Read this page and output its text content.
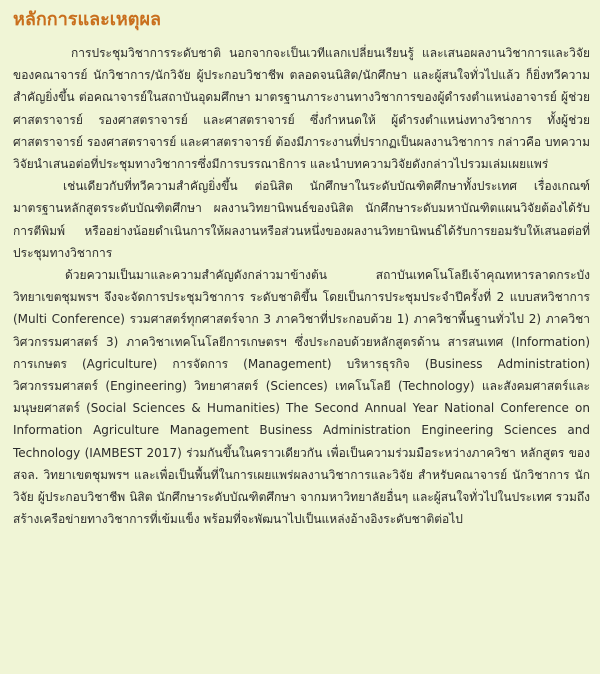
หลักการและเหตุผล

การประชุมวิชาการระดับชาติ นอกจากจะเป็นเวทีแลกเปลี่ยนเรียนรู้ และเสนอผลงานวิชาการและวิจัย ของคณาจารย์ นักวิชาการ/นักวิจัย ผู้ประกอบวิชาชีพ ตลอดจนนิสิต/นักศึกษา และผู้สนใจทั่วไปแล้ว ก็ยิ่งทวีความสำคัญยิ่งขึ้น ต่อคณาจารย์ในสถาบันอุดมศึกษา มาตรฐานภาระงานทางวิชาการของผู้ดำรงตำแหน่งอาจารย์ ผู้ช่วยศาสตราจารย์ รองศาสตราจารย์ และศาสตราจารย์ ซึ่งกำหนดให้ ผู้ดำรงตำแหน่งทางวิชาการ ทั้งผู้ช่วยศาสตราจารย์ รองศาสตราจารย์ และศาสตราจารย์ ต้องมีภาระงานที่ปรากฏเป็นผลงานวิชาการ กล่าวคือ บทความวิจัยนำเสนอต่อที่ประชุมทางวิชาการซึ่งมีการบรรณาธิการ และนำบทความวิจัยดังกล่าวไปรวมเล่มเผยแพร่

เช่นเดียวกับที่ทวีความสำคัญยิ่งขึ้น ต่อนิสิต นักศึกษาในระดับบัณฑิตศึกษาทั้งประเทศ เรื่องเกณฑ์มาตรฐานหลักสูตรระดับบัณฑิตศึกษา ผลงานวิทยานิพนธ์ของนิสิต นักศึกษาระดับมหาบัณฑิตแผนวิจัยต้องได้รับการตีพิมพ์ หรืออย่างน้อยดำเนินการให้ผลงานหรือส่วนหนึ่งของผลงานวิทยานิพนธ์ได้รับการยอมรับให้เสนอต่อที่ประชุมทางวิชาการ

ด้วยความเป็นมาและความสำคัญดังกล่าวมาข้างต้น สถาบันเทคโนโลยีเจ้าคุณทหารลาดกระบัง วิทยาเขตชุมพรฯ จึงจะจัดการประชุมวิชาการ ระดับชาติขึ้น โดยเป็นการประชุมประจำปีครั้งที่ 2 แบบสหวิชาการ (Multi Conference) รวมศาสตร์ทุกศาสตร์จาก 3 ภาควิชาที่ประกอบด้วย 1) ภาควิชาพื้นฐานทั่วไป 2) ภาควิชาวิศวกรรมศาสตร์ 3) ภาควิชาเทคโนโลยีการเกษตรฯ ซึ่งประกอบด้วยหลักสูตรด้าน สารสนเทศ (Information) การเกษตร (Agriculture) การจัดการ (Management) บริหารธุรกิจ (Business Administration) วิศวกรรมศาสตร์ (Engineering) วิทยาศาสตร์ (Sciences) เทคโนโลยี (Technology) และสังคมศาสตร์และมนุษยศาสตร์ (Social Sciences & Humanities) The Second Annual Year National Conference on Information Agriculture Management Business Administration Engineering Sciences and Technology (IAMBEST 2017) ร่วมกันขึ้นในคราวเดียวกัน เพื่อเป็นความร่วมมือระหว่างภาควิชา หลักสูตร ของ สจล. วิทยาเขตชุมพรฯ และเพื่อเป็นพื้นที่ในการเผยแพร่ผลงานวิชาการและวิจัย สำหรับคณาจารย์ นักวิชาการ นักวิจัย ผู้ประกอบวิชาชีพ นิสิต นักศึกษาระดับบัณฑิตศึกษา จากมหาวิทยาลัยอื่นๆ และผู้สนใจทั่วไปในประเทศ รวมถึงสร้างเครือข่ายทางวิชาการที่เข้มแข็ง พร้อมที่จะพัฒนาไปเป็นแหล่งอ้างอิงระดับชาติต่อไป
